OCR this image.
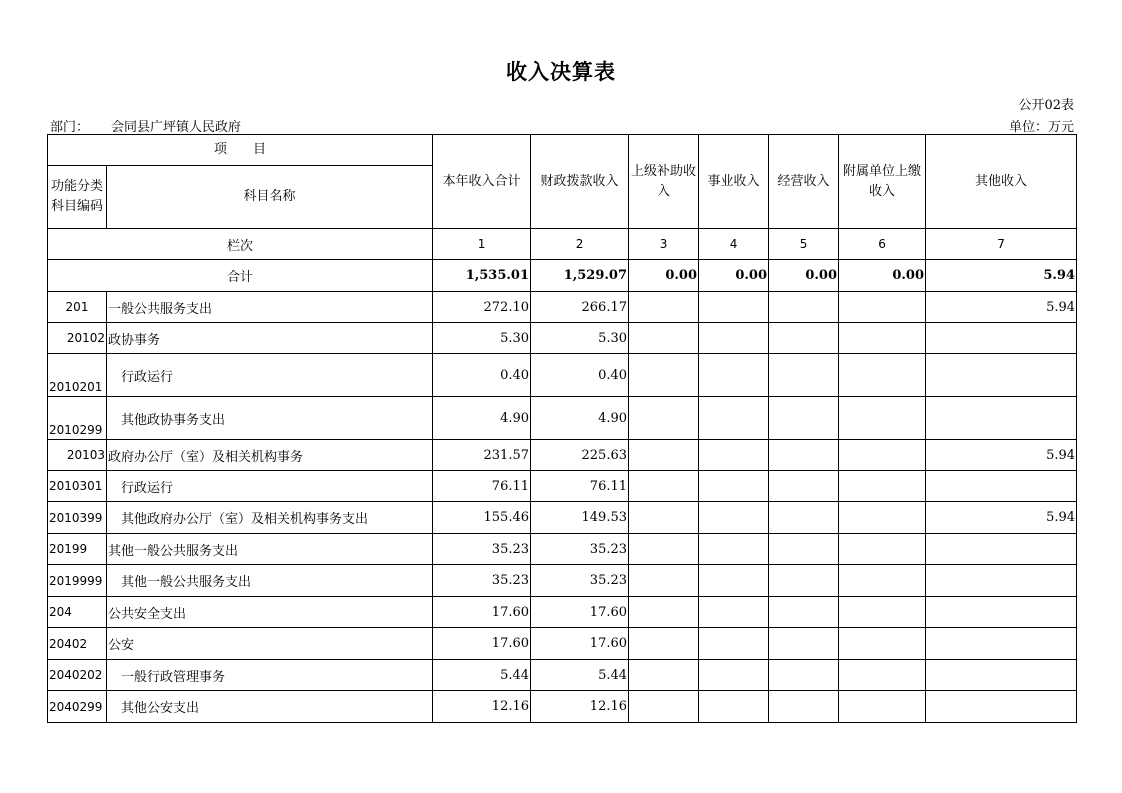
收入决算表
公开02表
部门： 会同县广坪镇人民政府	单位：万元
项　　目		本年收入合计	财政拨款收入	上级补助收入	事业收入	经营收入	附属单位上缴收入	其他收入
功能分类科目编码	科目名称							
栏次		1	2	3	4	5	6	7
合计		1,535.01	1,529.07	0.00	0.00	0.00	0.00	5.94
201	一般公共服务支出	272.10	266.17					5.94
20102	政协事务	5.30	5.30					
2010201	行政运行	0.40	0.40					
2010299	其他政协事务支出	4.90	4.90					
20103	政府办公厅（室）及相关机构事务	231.57	225.63					5.94
2010301	行政运行	76.11	76.11					
2010399	其他政府办公厅（室）及相关机构事务支出	155.46	149.53					5.94
20199	其他一般公共服务支出	35.23	35.23					
2019999	其他一般公共服务支出	35.23	35.23					
204	公共安全支出	17.60	17.60					
20402	公安	17.60	17.60					
2040202	一般行政管理事务	5.44	5.44					
2040299	其他公安支出	12.16	12.16					
